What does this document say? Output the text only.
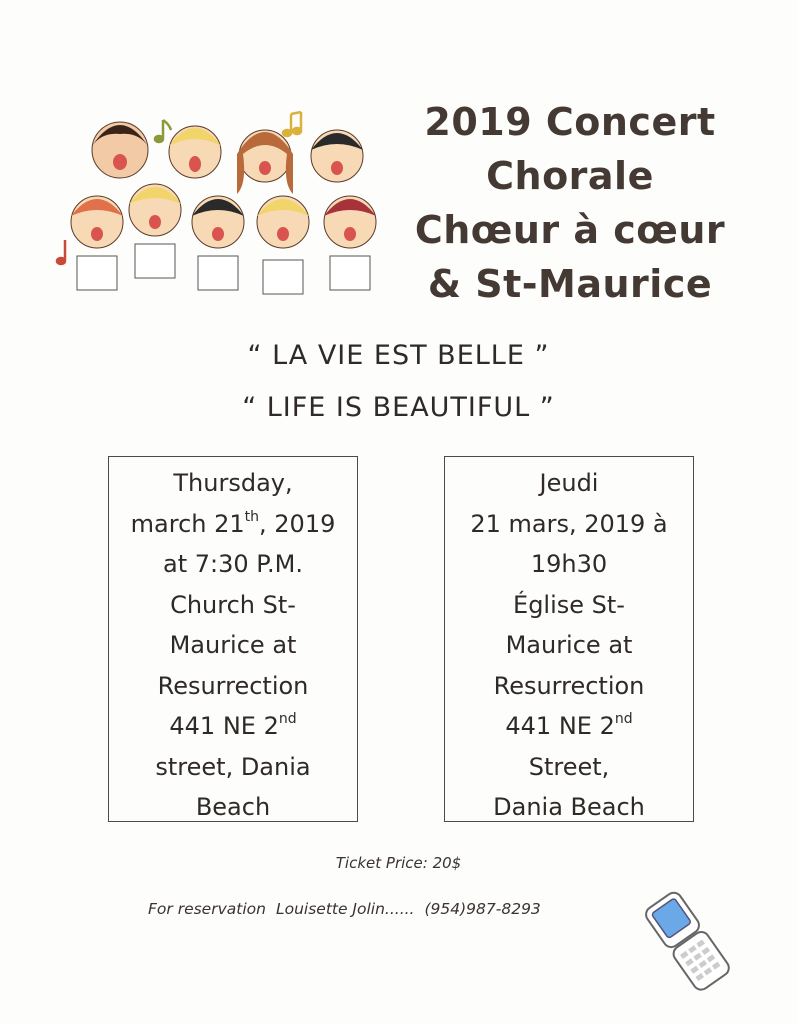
2019 Concert
Chorale
Chœur à cœur
& St-Maurice
“ LA VIE EST BELLE ”
“ LIFE IS BEAUTIFUL ”
Thursday,
march 21th, 2019
at 7:30 P.M.
Church St-
Maurice at
Resurrection
441 NE 2nd
street, Dania
Beach
Jeudi
21 mars, 2019 à
19h30
Église St-
Maurice at
Resurrection
441 NE 2nd
Street,
Dania Beach
Ticket Price: 20$
For reservation Louisette Jolin...... (954)987-8293
